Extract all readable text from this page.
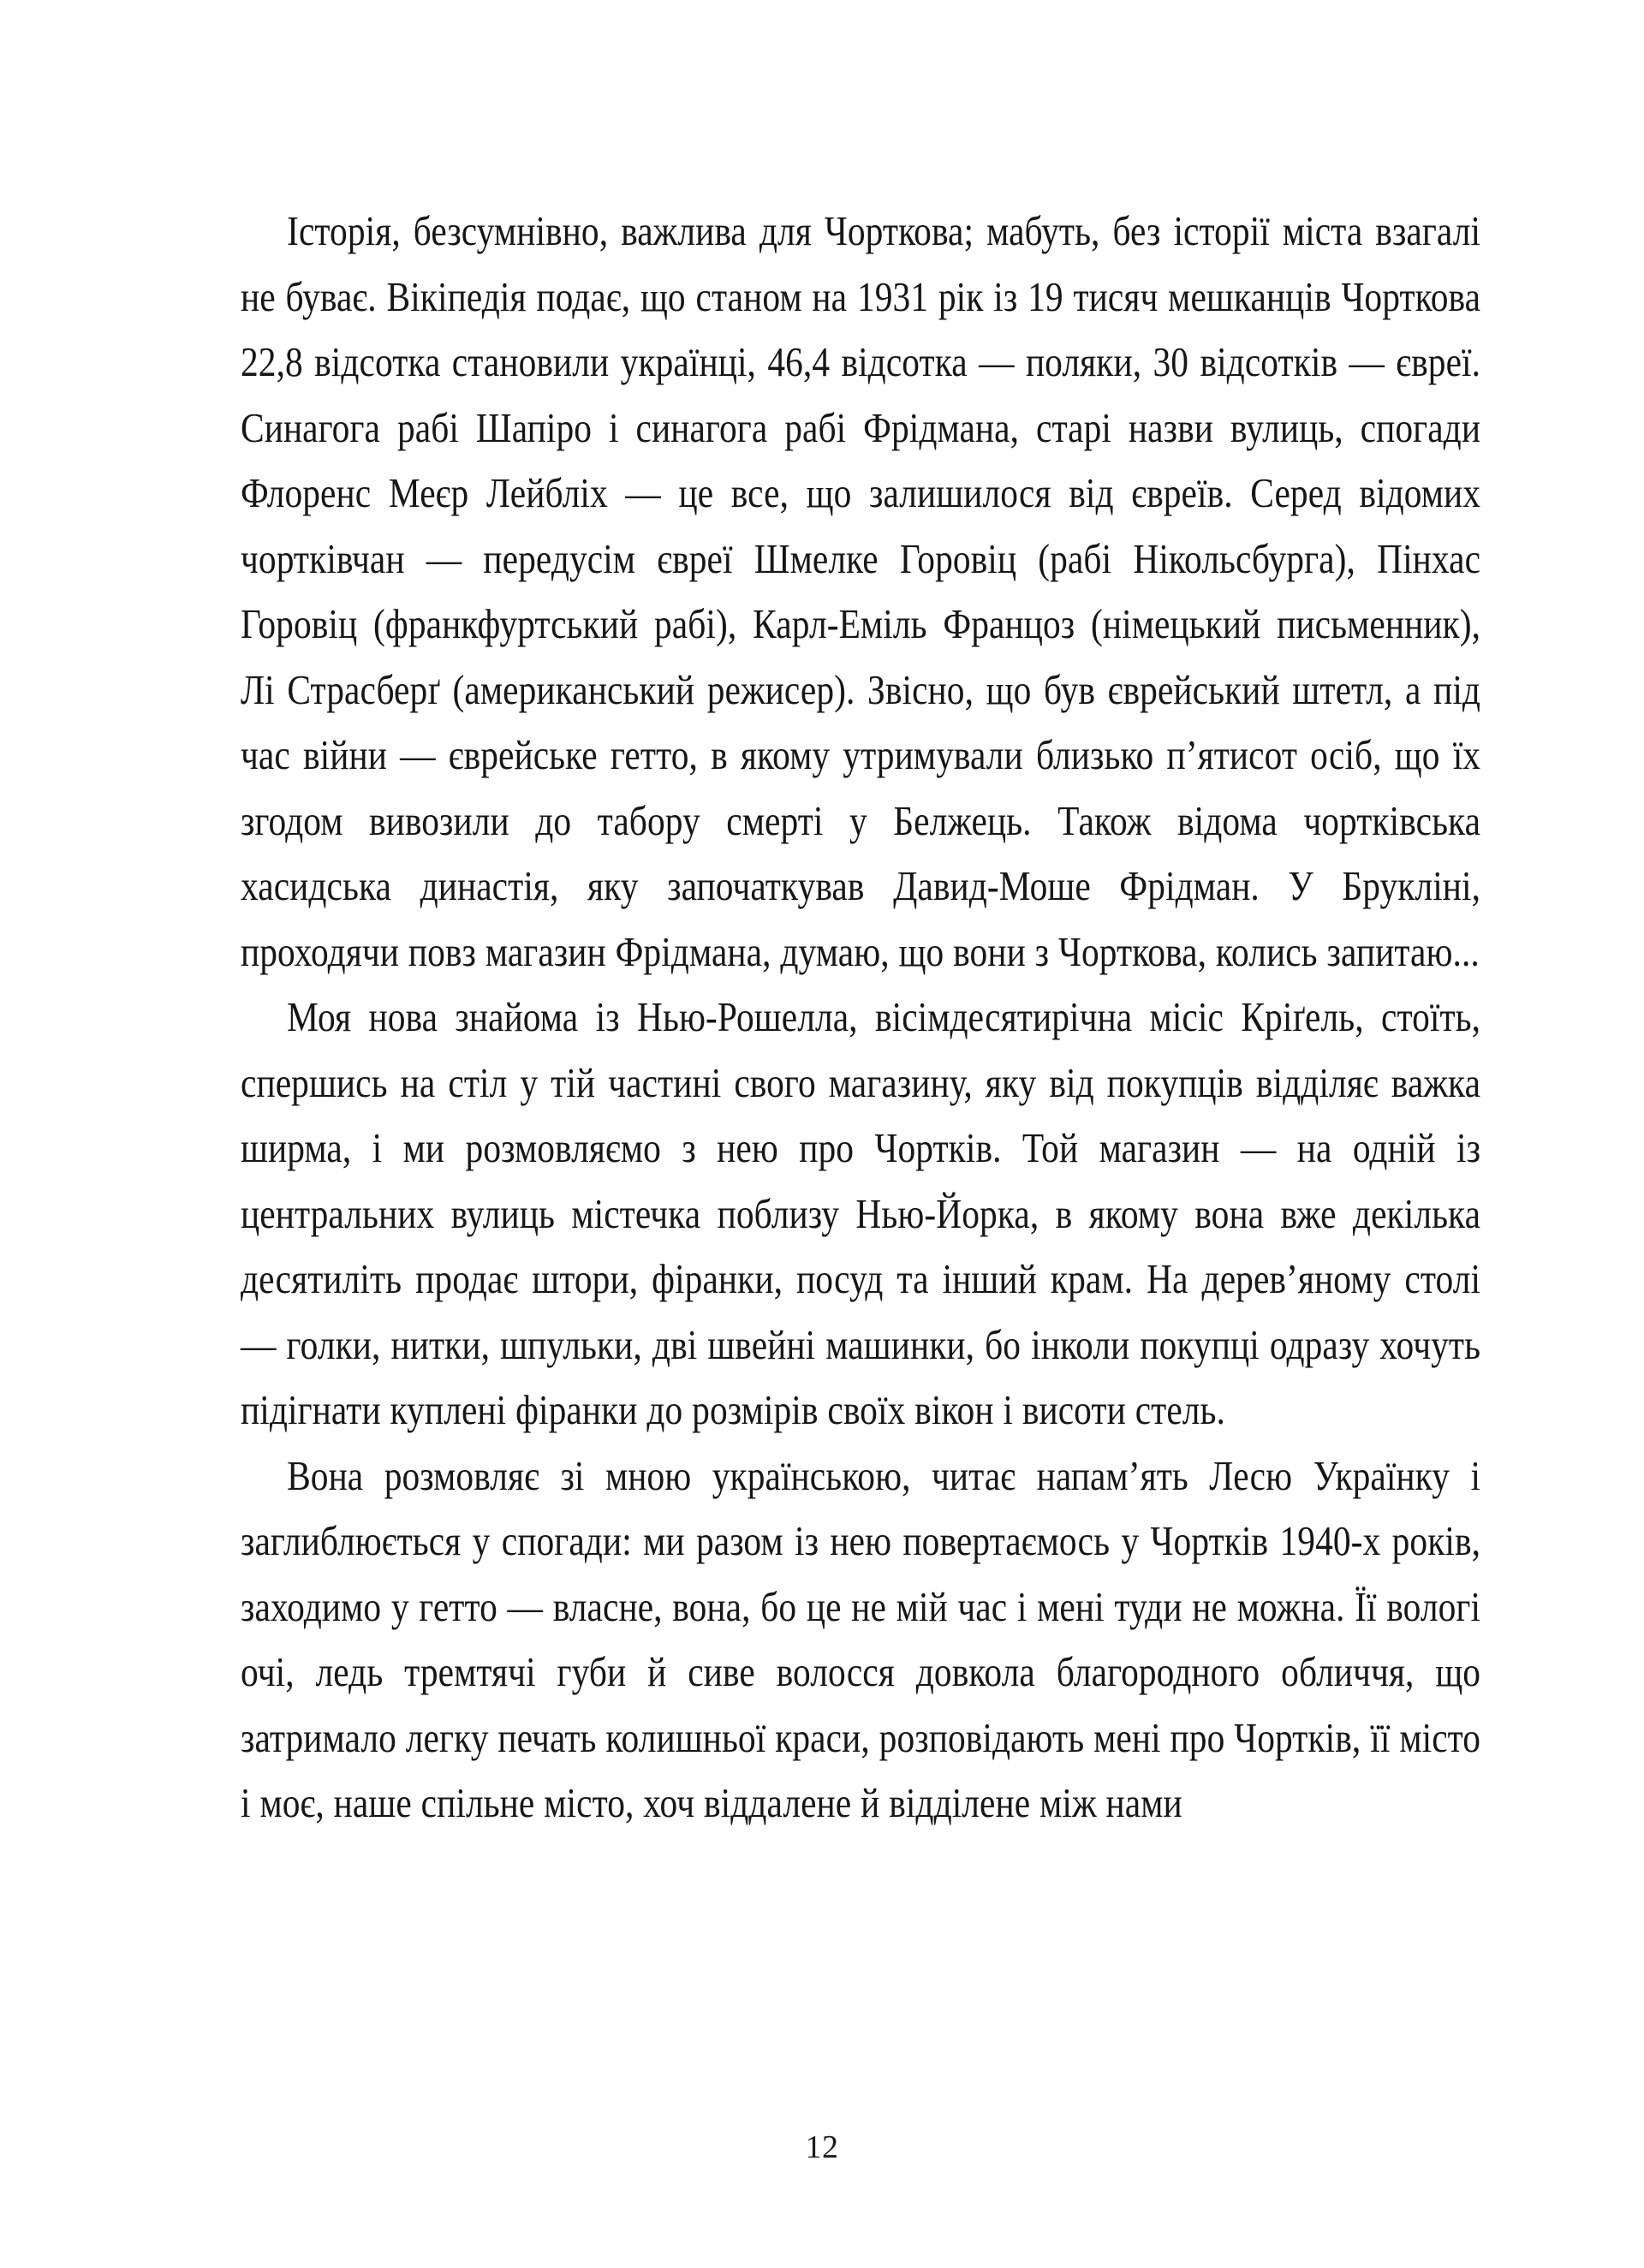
Історія, безсумнівно, важлива для Чорткова; мабуть, без історії міста взагалі не буває. Вікіпедія подає, що станом на 1931 рік із 19 тисяч мешканців Чорткова 22,8 відсотка становили українці, 46,4 відсотка — поляки, 30 відсотків — євреї. Синагога рабі Шапіро і синагога рабі Фрідмана, старі назви вулиць, спогади Флоренс Меєр Лейбліх — це все, що залишилося від євреїв. Серед відомих чортківчан — передусім євреї Шмелке Горовіц (рабі Нікольсбурга), Пінхас Горовіц (франкфуртський рабі), Карл-Еміль Францоз (німецький письменник), Лі Страсберґ (американський режисер). Звісно, що був єврейський штетл, а під час війни — єврейське гетто, в якому утримували близько п’ятисот осіб, що їх згодом вивозили до табору смерті у Белжець. Також відома чортківська хасидська династія, яку започаткував Давид-Моше Фрідман. У Брукліні, проходячи повз магазин Фрідмана, думаю, що вони з Чорткова, колись запитаю...

Моя нова знайома із Нью-Рошелла, вісімдесятирічна місіс Кріґель, стоїть, спершись на стіл у тій частині свого магазину, яку від покупців відділяє важка ширма, і ми розмовляємо з нею про Чортків. Той магазин — на одній із центральних вулиць містечка поблизу Нью-Йорка, в якому вона вже декілька десятиліть продає штори, фіранки, посуд та інший крам. На дерев’яному столі — голки, нитки, шпульки, дві швейні машинки, бо інколи покупці одразу хочуть підігнати куплені фіранки до розмірів своїх вікон і висоти стель.

Вона розмовляє зі мною українською, читає напам’ять Лесю Українку і заглиблюється у спогади: ми разом із нею повертаємось у Чортків 1940-х років, заходимо у гетто — власне, вона, бо це не мій час і мені туди не можна. Її вологі очі, ледь тремтячі губи й сиве волосся довкола благородного обличчя, що затримало легку печать колишньої краси, розповідають мені про Чортків, її місто і моє, наше спільне місто, хоч віддалене й відділене між нами

12
